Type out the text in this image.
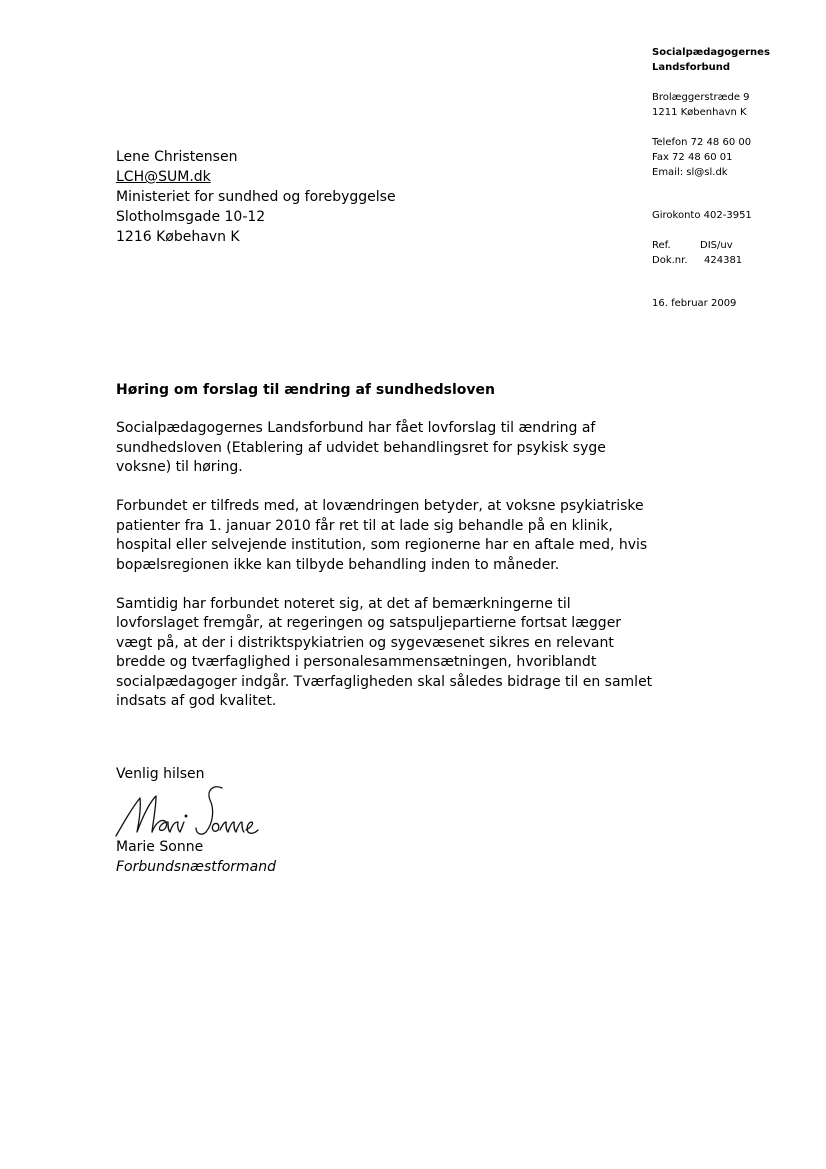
Socialpædagogernes
Landsforbund
Brolæggerstræde 9
1211 København K
Telefon 72 48 60 00
Fax 72 48 60 01
Email: sl@sl.dk
Girokonto 402-3951
Ref.	DIS/uv
Dok.nr.	424381
16. februar 2009
Lene Christensen
LCH@SUM.dk
Ministeriet for sundhed og forebyggelse
Slotholmsgade 10-12
1216 Købehavn K
Høring om forslag til ændring af sundhedsloven

Socialpædagogernes Landsforbund har fået lovforslag til ændring af
sundhedsloven (Etablering af udvidet behandlingsret for psykisk syge
voksne) til høring.

Forbundet er tilfreds med, at lovændringen betyder, at voksne psykiatriske
patienter fra 1. januar 2010 får ret til at lade sig behandle på en klinik,
hospital eller selvejende institution, som regionerne har en aftale med, hvis
bopælsregionen ikke kan tilbyde behandling inden to måneder.

Samtidig har forbundet noteret sig, at det af bemærkningerne til
lovforslaget fremgår, at regeringen og satspuljepartierne fortsat lægger
vægt på, at der i distriktspykiatrien og sygevæsenet sikres en relevant
bredde og tværfaglighed i personalesammensætningen, hvoriblandt
socialpædagoger indgår. Tværfagligheden skal således bidrage til en samlet
indsats af god kvalitet.

Venlig hilsen
Marie Sonne
Forbundsnæstformand
